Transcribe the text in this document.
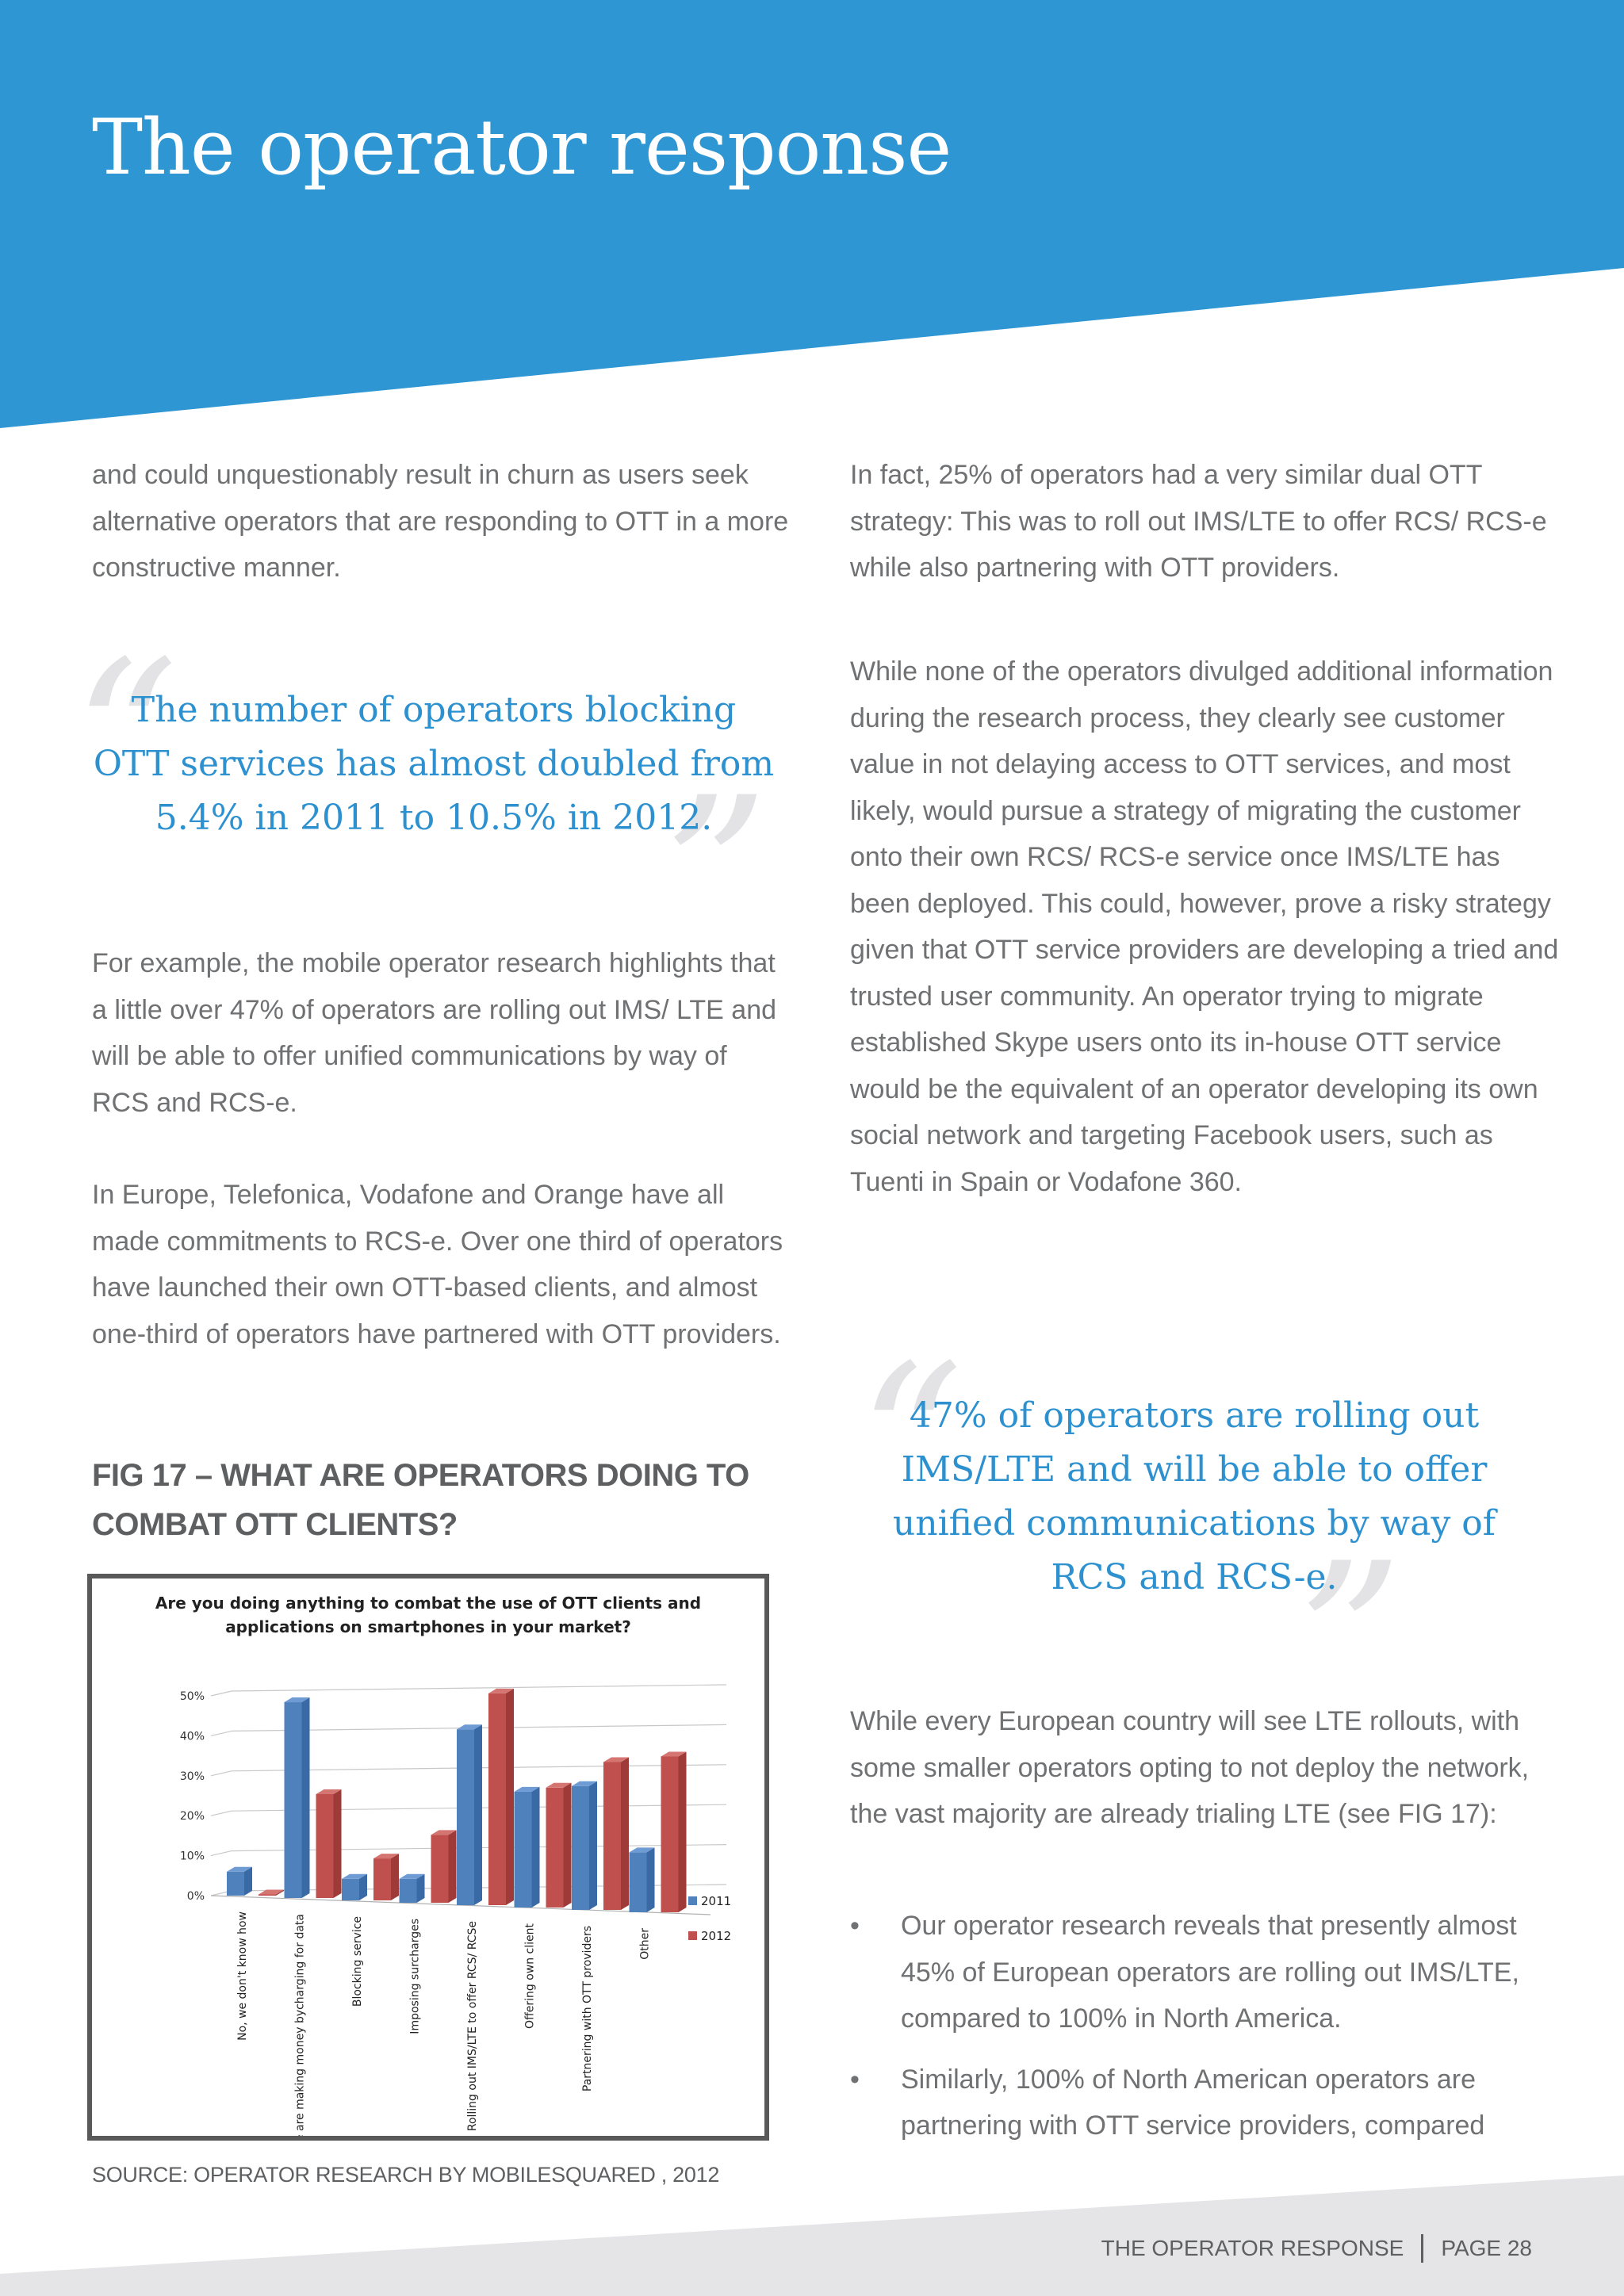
The operator response

and could unquestionably result in churn as users seek alternative operators that are responding to OTT in a more constructive manner.

“
”

The number of operators blocking OTT services has almost doubled from 5.4% in 2011 to 10.5% in 2012.

For example, the mobile operator research highlights that a little over 47% of operators are rolling out IMS/ LTE and will be able to offer unified communications by way of RCS and RCS-e.

In Europe, Telefonica, Vodafone and Orange have all made commitments to RCS-e. Over one third of operators have launched their own OTT-based clients, and almost one-third of operators have partnered with OTT providers.

FIG 17 – WHAT ARE OPERATORS DOING TO COMBAT OTT CLIENTS?
Are you doing anything to combat the use of OTT clients and
applications on smartphones in your market?
0%
10%
20%
30%
40%
50%
No, we don't know how	No, we are making money bycharging for data	Blocking service	Imposing surcharges	Rolling out IMS/LTE to offer RCS/ RCSe	Offering own client	Partnering with OTT providers	Other
2011
2012
SOURCE: OPERATOR RESEARCH BY MOBILESQUARED , 2012

In fact, 25% of operators had a very similar dual OTT strategy: This was to roll out IMS/LTE to offer RCS/ RCS-e while also partnering with OTT providers.

While none of the operators divulged additional information during the research process, they clearly see customer value in not delaying access to OTT services, and most likely, would pursue a strategy of migrating the customer onto their own RCS/ RCS-e service once IMS/LTE has been deployed. This could, however, prove a risky strategy given that OTT service providers are developing a tried and trusted user community. An operator trying to migrate established Skype users onto its in-house OTT service would be the equivalent of an operator developing its own social network and targeting Facebook users, such as Tuenti in Spain or Vodafone 360.

“
”

47% of operators are rolling out IMS/LTE and will be able to offer unified communications by way of RCS and RCS-e.

While every European country will see LTE rollouts, with some smaller operators opting to not deploy the network, the vast majority are already trialing LTE (see FIG 17):

• Our operator research reveals that presently almost 45% of European operators are rolling out IMS/LTE, compared to 100% in North America.
• Similarly, 100% of North American operators are partnering with OTT service providers, compared
THE OPERATOR RESPONSE PAGE 28
